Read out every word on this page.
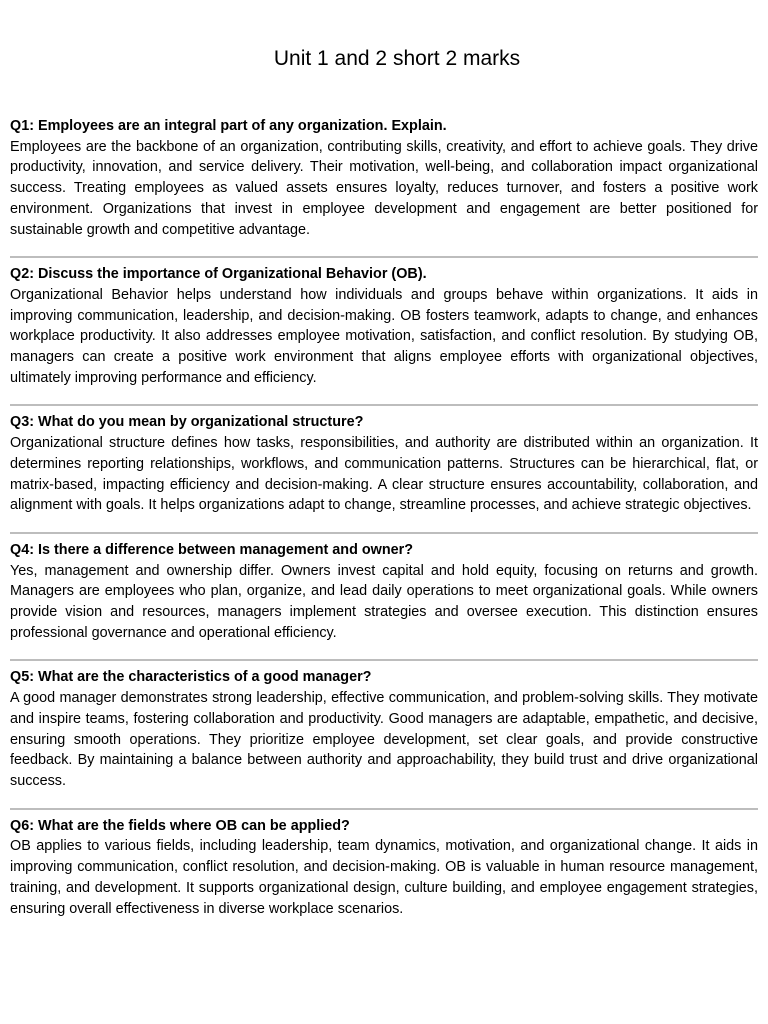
Unit 1 and 2 short 2 marks
Q1: Employees are an integral part of any organization. Explain.
Employees are the backbone of an organization, contributing skills, creativity, and effort to achieve goals. They drive productivity, innovation, and service delivery. Their motivation, well-being, and collaboration impact organizational success. Treating employees as valued assets ensures loyalty, reduces turnover, and fosters a positive work environment. Organizations that invest in employee development and engagement are better positioned for sustainable growth and competitive advantage.
Q2: Discuss the importance of Organizational Behavior (OB).
Organizational Behavior helps understand how individuals and groups behave within organizations. It aids in improving communication, leadership, and decision-making. OB fosters teamwork, adapts to change, and enhances workplace productivity. It also addresses employee motivation, satisfaction, and conflict resolution. By studying OB, managers can create a positive work environment that aligns employee efforts with organizational objectives, ultimately improving performance and efficiency.
Q3: What do you mean by organizational structure?
Organizational structure defines how tasks, responsibilities, and authority are distributed within an organization. It determines reporting relationships, workflows, and communication patterns. Structures can be hierarchical, flat, or matrix-based, impacting efficiency and decision-making. A clear structure ensures accountability, collaboration, and alignment with goals. It helps organizations adapt to change, streamline processes, and achieve strategic objectives.
Q4: Is there a difference between management and owner?
Yes, management and ownership differ. Owners invest capital and hold equity, focusing on returns and growth. Managers are employees who plan, organize, and lead daily operations to meet organizational goals. While owners provide vision and resources, managers implement strategies and oversee execution. This distinction ensures professional governance and operational efficiency.
Q5: What are the characteristics of a good manager?
A good manager demonstrates strong leadership, effective communication, and problem-solving skills. They motivate and inspire teams, fostering collaboration and productivity. Good managers are adaptable, empathetic, and decisive, ensuring smooth operations. They prioritize employee development, set clear goals, and provide constructive feedback. By maintaining a balance between authority and approachability, they build trust and drive organizational success.
Q6: What are the fields where OB can be applied?
OB applies to various fields, including leadership, team dynamics, motivation, and organizational change. It aids in improving communication, conflict resolution, and decision-making. OB is valuable in human resource management, training, and development. It supports organizational design, culture building, and employee engagement strategies, ensuring overall effectiveness in diverse workplace scenarios.
